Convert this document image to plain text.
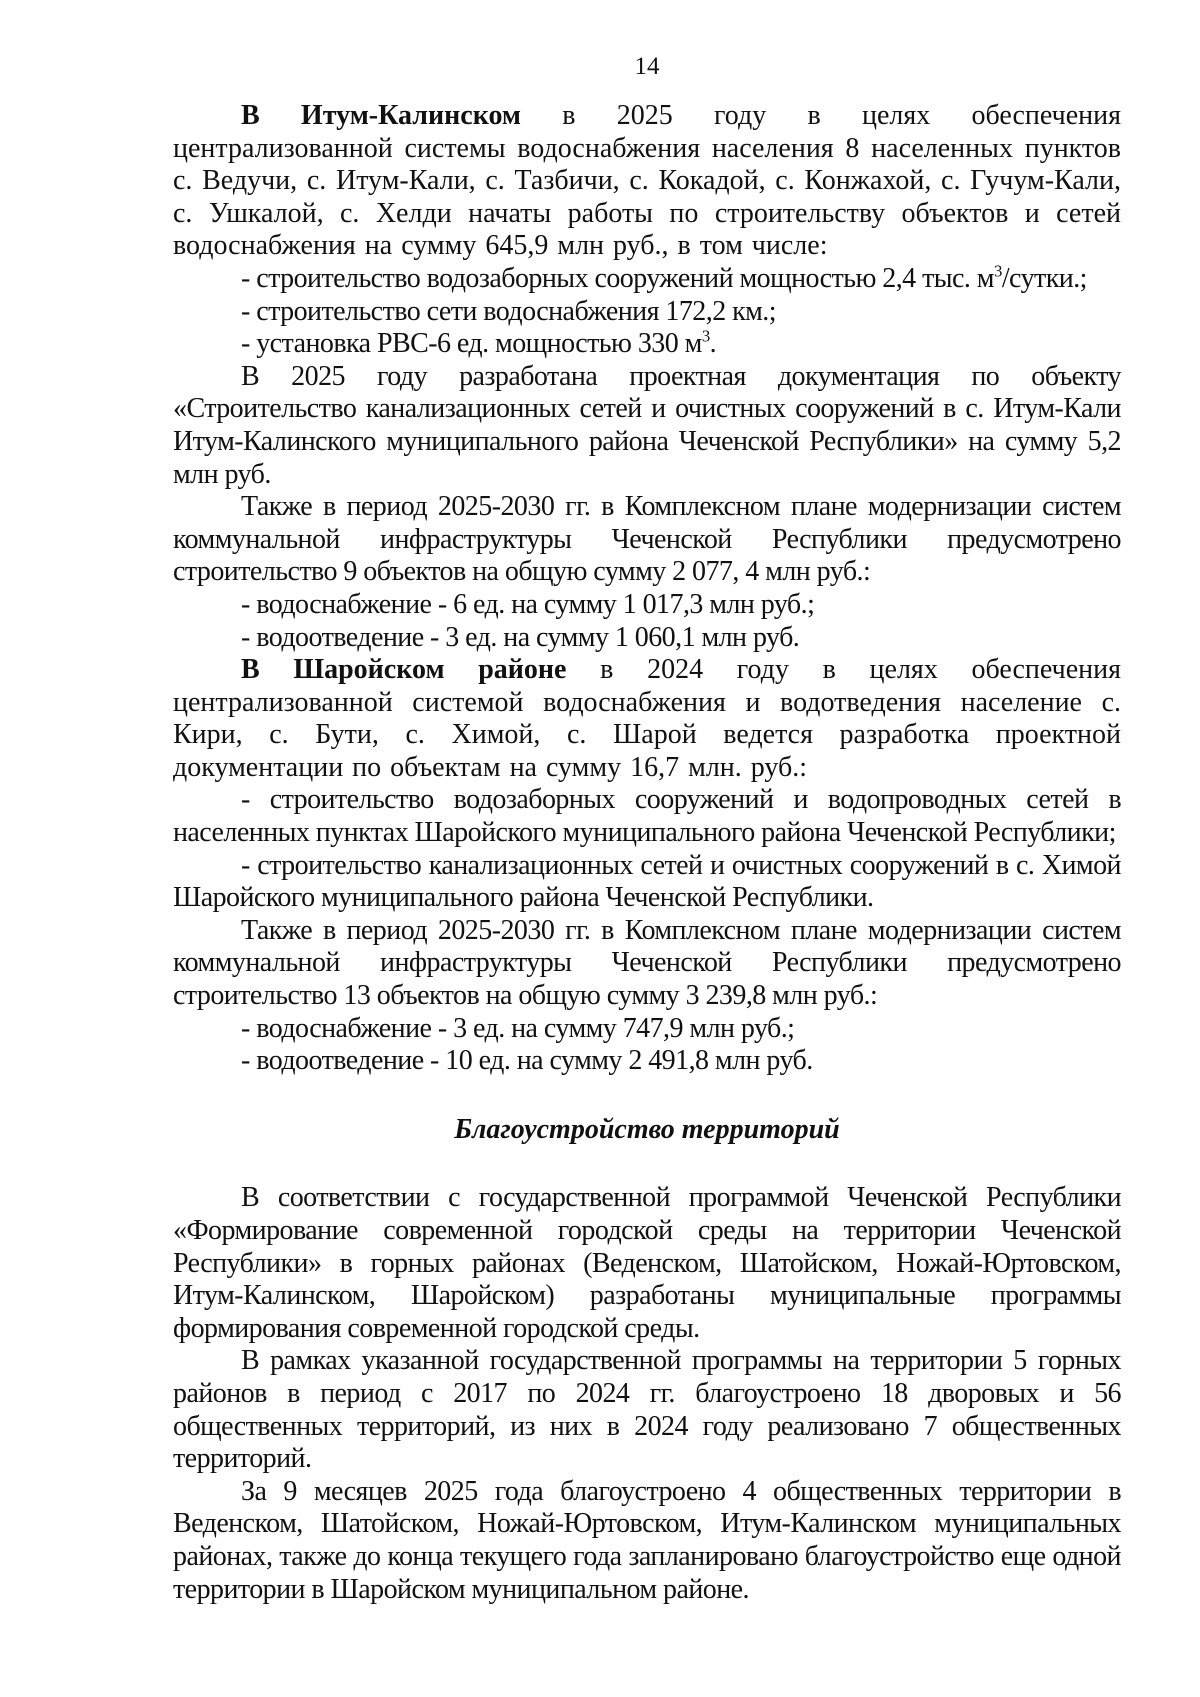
14

В Итум-Калинском в 2025 году в целях обеспечения централизованной системы водоснабжения населения 8 населенных пунктов с. Ведучи, с. Итум-Кали, с. Тазбичи, с. Кокадой, с. Конжахой, с. Гучум-Кали, с. Ушкалой, с. Хелди начаты работы по строительству объектов и сетей водоснабжения на сумму 645,9 млн руб., в том числе:

- строительство водозаборных сооружений мощностью 2,4 тыс. $м^3$/сутки.;

- строительство сети водоснабжения 172,2 км.;

- установка РВС-6 ед. мощностью 330 $м^3$.

В 2025 году разработана проектная документация по объекту «Строительство канализационных сетей и очистных сооружений в с. Итум-Кали Итум-Калинского муниципального района Чеченской Республики» на сумму 5,2 млн руб.

Также в период 2025-2030 гг. в Комплексном плане модернизации систем коммунальной инфраструктуры Чеченской Республики предусмотрено строительство 9 объектов на общую сумму 2 077, 4 млн руб.:

- водоснабжение - 6 ед. на сумму 1 017,3 млн руб.;

- водоотведение - 3 ед. на сумму 1 060,1 млн руб.

В Шаройском районе в 2024 году в целях обеспечения централизованной системой водоснабжения и водотведения население с. Кири, с. Бути, с. Химой, с. Шарой ведется разработка проектной документации по объектам на сумму 16,7 млн. руб.:

- строительство водозаборных сооружений и водопроводных сетей в населенных пунктах Шаройского муниципального района Чеченской Республики;

- строительство канализационных сетей и очистных сооружений в с. Химой Шаройского муниципального района Чеченской Республики.

Также в период 2025-2030 гг. в Комплексном плане модернизации систем коммунальной инфраструктуры Чеченской Республики предусмотрено строительство 13 объектов на общую сумму 3 239,8 млн руб.:

- водоснабжение - 3 ед. на сумму 747,9 млн руб.;

- водоотведение - 10 ед. на сумму 2 491,8 млн руб.

Благоустройство территорий

В соответствии с государственной программой Чеченской Республики «Формирование современной городской среды на территории Чеченской Республики» в горных районах (Веденском, Шатойском, Ножай-Юртовском, Итум-Калинском, Шаройском) разработаны муниципальные программы формирования современной городской среды.

В рамках указанной государственной программы на территории 5 горных районов в период с 2017 по 2024 гг. благоустроено 18 дворовых и 56 общественных территорий, из них в 2024 году реализовано 7 общественных территорий.

За 9 месяцев 2025 года благоустроено 4 общественных территории в Веденском, Шатойском, Ножай-Юртовском, Итум-Калинском муниципальных районах, также до конца текущего года запланировано благоустройство еще одной территории в Шаройском муниципальном районе.
